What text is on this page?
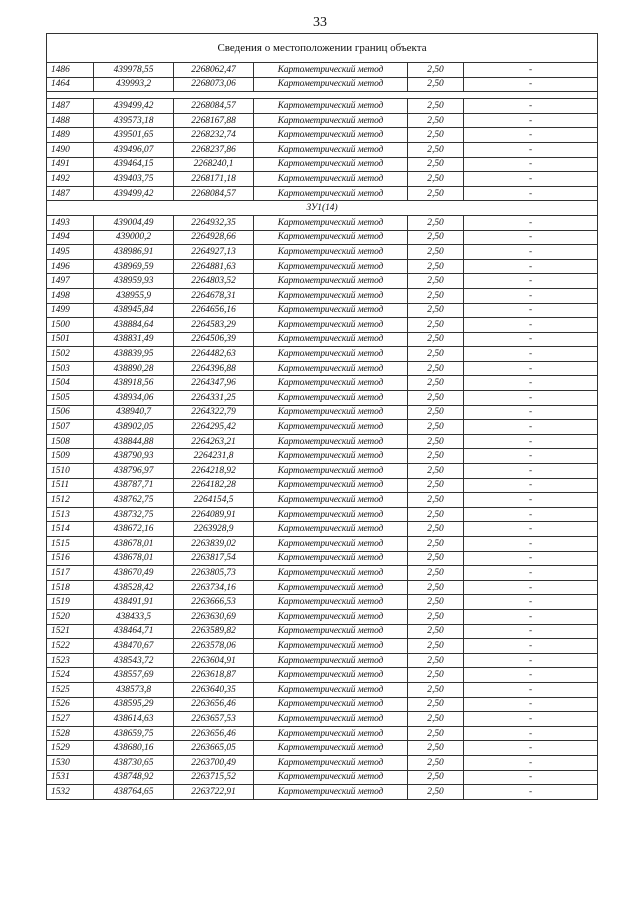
33
Сведения о местоположении границ объекта					
1486	439978,55	2268062,47	Картометрический метод	2,50	-
1464	439993,2	2268073,06	Картометрический метод	2,50	-

1487	439499,42	2268084,57	Картометрический метод	2,50	-
1488	439573,18	2268167,88	Картометрический метод	2,50	-
1489	439501,65	2268232,74	Картометрический метод	2,50	-
1490	439496,07	2268237,86	Картометрический метод	2,50	-
1491	439464,15	2268240,1	Картометрический метод	2,50	-
1492	439403,75	2268171,18	Картометрический метод	2,50	-
1487	439499,42	2268084,57	Картометрический метод	2,50	-
ЗУ1(14)					
1493	439004,49	2264932,35	Картометрический метод	2,50	-
1494	439000,2	2264928,66	Картометрический метод	2,50	-
1495	438986,91	2264927,13	Картометрический метод	2,50	-
1496	438969,59	2264881,63	Картометрический метод	2,50	-
1497	438959,93	2264803,52	Картометрический метод	2,50	-
1498	438955,9	2264678,31	Картометрический метод	2,50	-
1499	438945,84	2264656,16	Картометрический метод	2,50	-
1500	438884,64	2264583,29	Картометрический метод	2,50	-
1501	438831,49	2264506,39	Картометрический метод	2,50	-
1502	438839,95	2264482,63	Картометрический метод	2,50	-
1503	438890,28	2264396,88	Картометрический метод	2,50	-
1504	438918,56	2264347,96	Картометрический метод	2,50	-
1505	438934,06	2264331,25	Картометрический метод	2,50	-
1506	438940,7	2264322,79	Картометрический метод	2,50	-
1507	438902,05	2264295,42	Картометрический метод	2,50	-
1508	438844,88	2264263,21	Картометрический метод	2,50	-
1509	438790,93	2264231,8	Картометрический метод	2,50	-
1510	438796,97	2264218,92	Картометрический метод	2,50	-
1511	438787,71	2264182,28	Картометрический метод	2,50	-
1512	438762,75	2264154,5	Картометрический метод	2,50	-
1513	438732,75	2264089,91	Картометрический метод	2,50	-
1514	438672,16	2263928,9	Картометрический метод	2,50	-
1515	438678,01	2263839,02	Картометрический метод	2,50	-
1516	438678,01	2263817,54	Картометрический метод	2,50	-
1517	438670,49	2263805,73	Картометрический метод	2,50	-
1518	438528,42	2263734,16	Картометрический метод	2,50	-
1519	438491,91	2263666,53	Картометрический метод	2,50	-
1520	438433,5	2263630,69	Картометрический метод	2,50	-
1521	438464,71	2263589,82	Картометрический метод	2,50	-
1522	438470,67	2263578,06	Картометрический метод	2,50	-
1523	438543,72	2263604,91	Картометрический метод	2,50	-
1524	438557,69	2263618,87	Картометрический метод	2,50	-
1525	438573,8	2263640,35	Картометрический метод	2,50	-
1526	438595,29	2263656,46	Картометрический метод	2,50	-
1527	438614,63	2263657,53	Картометрический метод	2,50	-
1528	438659,75	2263656,46	Картометрический метод	2,50	-
1529	438680,16	2263665,05	Картометрический метод	2,50	-
1530	438730,65	2263700,49	Картометрический метод	2,50	-
1531	438748,92	2263715,52	Картометрический метод	2,50	-
1532	438764,65	2263722,91	Картометрический метод	2,50	-
